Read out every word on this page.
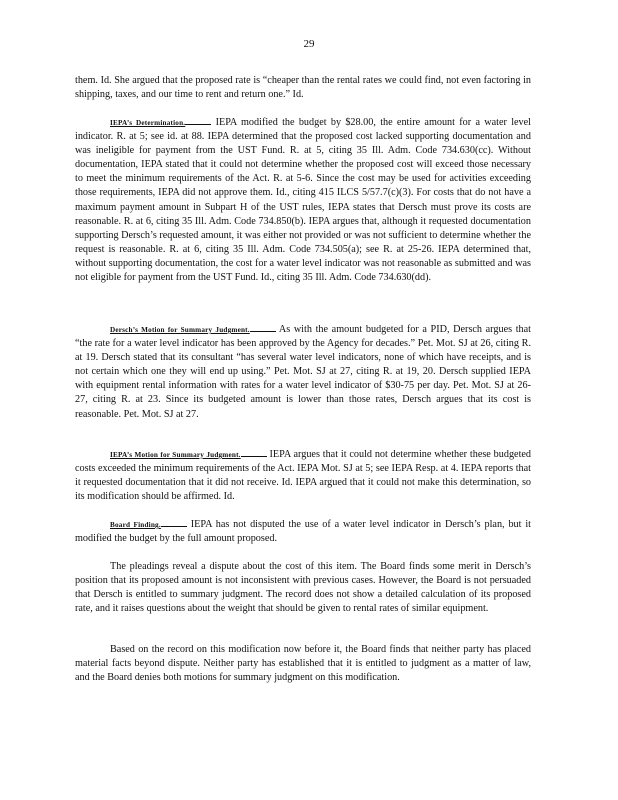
29

them. Id. She argued that the proposed rate is “cheaper than the rental rates we could find, not even factoring in shipping, taxes, and our time to rent and return one.” Id.

IEPA’s Determination.	IEPA modified the budget by $28.00, the entire amount for a water level indicator. R. at 5; see id. at 88. IEPA determined that the proposed cost lacked supporting documentation and was ineligible for payment from the UST Fund. R. at 5, citing 35 Ill. Adm. Code 734.630(cc). Without documentation, IEPA stated that it could not determine whether the proposed cost will exceed those necessary to meet the minimum requirements of the Act. R. at 5-6. Since the cost may be used for activities exceeding those requirements, IEPA did not approve them. Id., citing 415 ILCS 5/57.7(c)(3). For costs that do not have a maximum payment amount in Subpart H of the UST rules, IEPA states that Dersch must prove its costs are reasonable. R. at 6, citing 35 Ill. Adm. Code 734.850(b). IEPA argues that, although it requested documentation supporting Dersch’s requested amount, it was either not provided or was not sufficient to determine whether the request is reasonable. R. at 6, citing 35 Ill. Adm. Code 734.505(a); see R. at 25-26. IEPA determined that, without supporting documentation, the cost for a water level indicator was not reasonable as submitted and was not eligible for payment from the UST Fund. Id., citing 35 Ill. Adm. Code 734.630(dd).

Dersch’s Motion for Summary Judgment.	As with the amount budgeted for a PID, Dersch argues that “the rate for a water level indicator has been approved by the Agency for decades.” Pet. Mot. SJ at 26, citing R. at 19. Dersch stated that its consultant “has several water level indicators, none of which have receipts, and is not certain which one they will end up using.” Pet. Mot. SJ at 27, citing R. at 19, 20. Dersch supplied IEPA with equipment rental information with rates for a water level indicator of $30-75 per day. Pet. Mot. SJ at 26-27, citing R. at 23. Since its budgeted amount is lower than those rates, Dersch argues that its cost is reasonable. Pet. Mot. SJ at 27.

IEPA’s Motion for Summary Judgment.	IEPA argues that it could not determine whether these budgeted costs exceeded the minimum requirements of the Act. IEPA Mot. SJ at 5; see IEPA Resp. at 4. IEPA reports that it requested documentation that it did not receive. Id. IEPA argued that it could not make this determination, so its modification should be affirmed. Id.

Board Finding.	IEPA has not disputed the use of a water level indicator in Dersch’s plan, but it modified the budget by the full amount proposed.

The pleadings reveal a dispute about the cost of this item. The Board finds some merit in Dersch’s position that its proposed amount is not inconsistent with previous cases. However, the Board is not persuaded that Dersch is entitled to summary judgment. The record does not show a detailed calculation of its proposed rate, and it raises questions about the weight that should be given to rental rates of similar equipment.

Based on the record on this modification now before it, the Board finds that neither party has placed material facts beyond dispute. Neither party has established that it is entitled to judgment as a matter of law, and the Board denies both motions for summary judgment on this modification.
